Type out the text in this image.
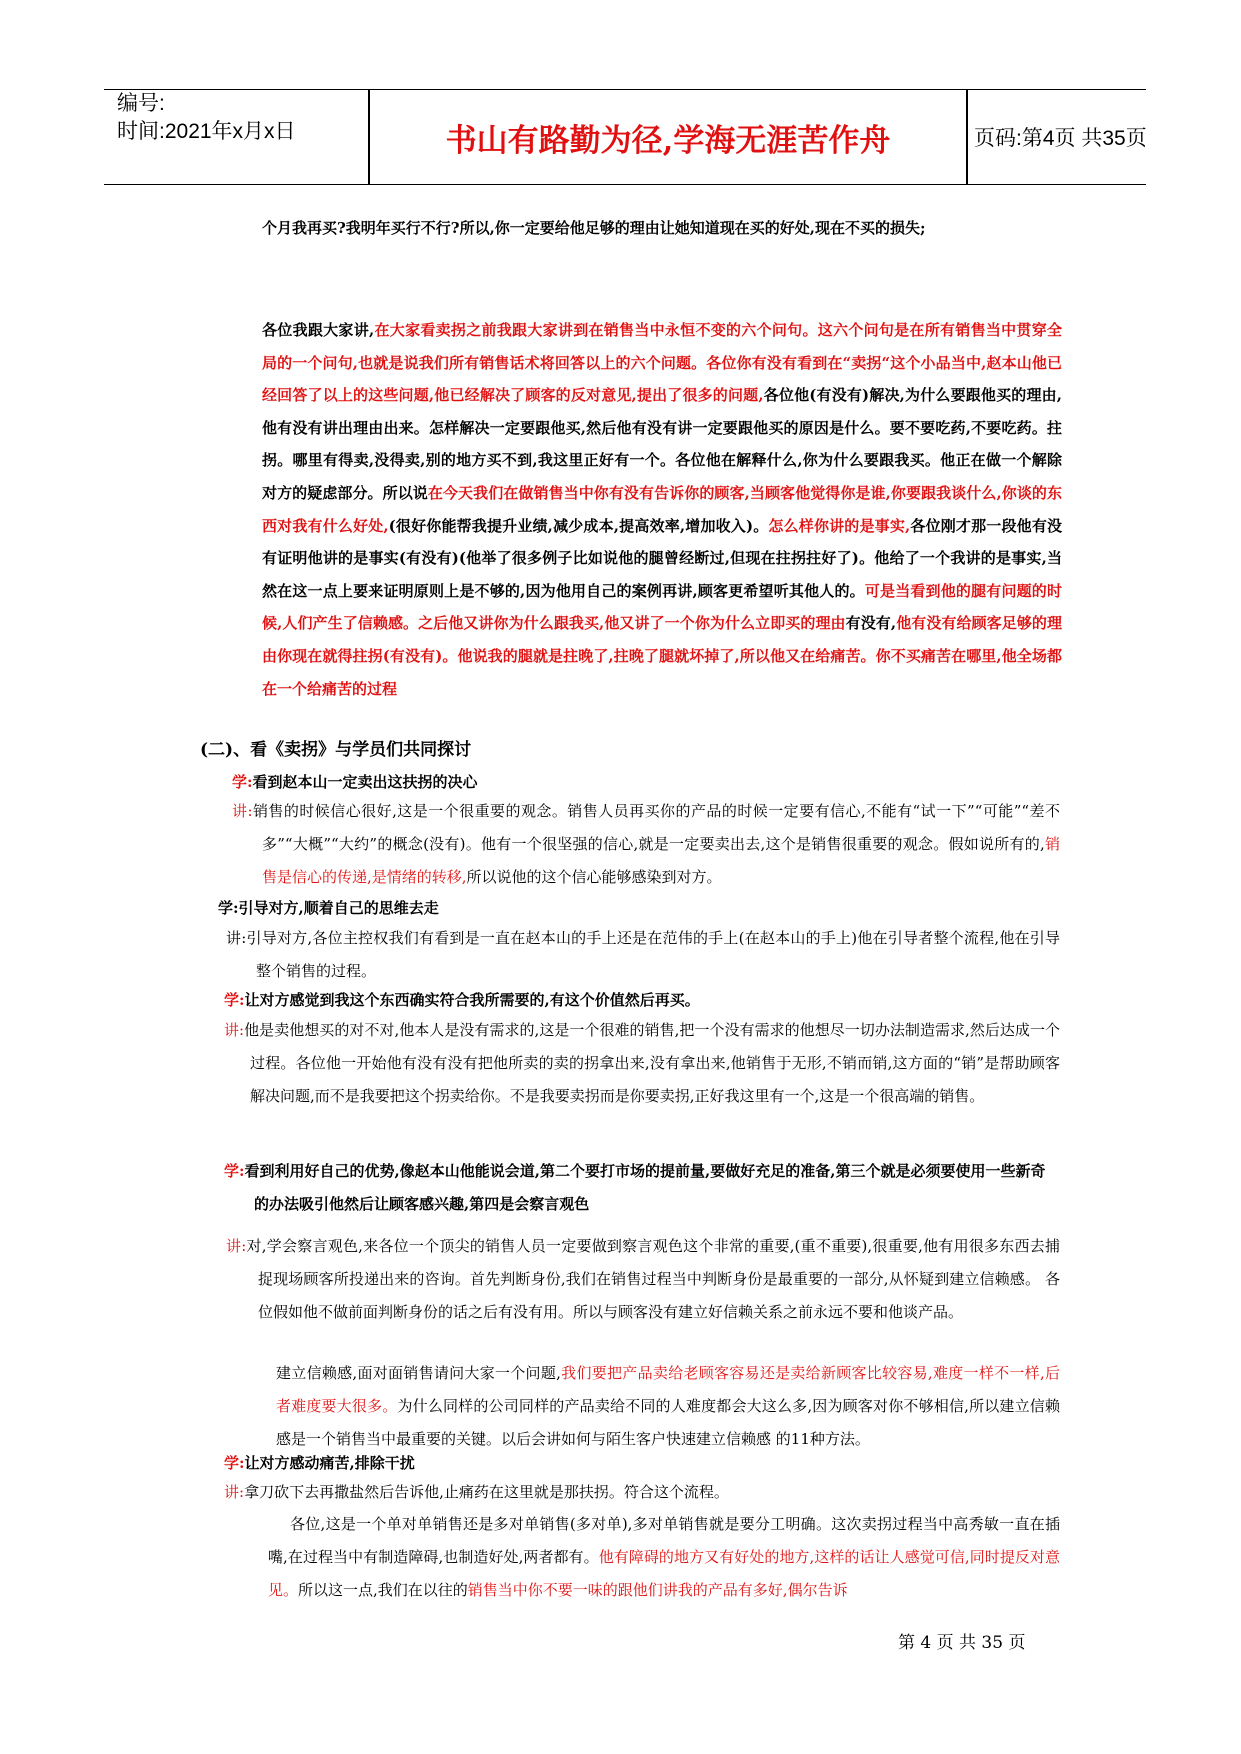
编号:
时间:2021年x月x日	书山有路勤为径,学海无涯苦作舟	页码:第4页 共35页
个月我再买?我明年买行不行?所以,你一定要给他足够的理由让她知道现在买的好处,现在不买的损失;
各位我跟大家讲,在大家看卖拐之前我跟大家讲到在销售当中永恒不变的六个问句。这六个问句是在所有销售当中贯穿全局的一个问句,也就是说我们所有销售话术将回答以上的六个问题。各位你有没有看到在“卖拐“这个小品当中,赵本山他已经回答了以上的这些问题,他已经解决了顾客的反对意见,提出了很多的问题,各位他(有没有)解决,为什么要跟他买的理由,他有没有讲出理由出来。怎样解决一定要跟他买,然后他有没有讲一定要跟他买的原因是什么。要不要吃药,不要吃药。拄拐。哪里有得卖,没得卖,别的地方买不到,我这里正好有一个。各位他在解释什么,你为什么要跟我买。他正在做一个解除对方的疑虑部分。所以说在今天我们在做销售当中你有没有告诉你的顾客,当顾客他觉得你是谁,你要跟我谈什么,你谈的东西对我有什么好处,(很好你能帮我提升业绩,减少成本,提高效率,增加收入)。怎么样你讲的是事实,各位刚才那一段他有没有证明他讲的是事实(有没有)(他举了很多例子比如说他的腿曾经断过,但现在拄拐拄好了)。他给了一个我讲的是事实,当然在这一点上要来证明原则上是不够的,因为他用自己的案例再讲,顾客更希望听其他人的。可是当看到他的腿有问题的时候,人们产生了信赖感。之后他又讲你为什么跟我买,他又讲了一个你为什么立即买的理由有没有,他有没有给顾客足够的理由你现在就得拄拐(有没有)。他说我的腿就是拄晚了,拄晚了腿就坏掉了,所以他又在给痛苦。你不买痛苦在哪里,他全场都在一个给痛苦的过程
(二)、看《卖拐》与学员们共同探讨
学:看到赵本山一定卖出这扶拐的决心
讲:销售的时候信心很好,这是一个很重要的观念。销售人员再买你的产品的时候一定要有信心,不能有“试一下”“可能”“差不多”“大概”“大约”的概念(没有)。他有一个很坚强的信心,就是一定要卖出去,这个是销售很重要的观念。假如说所有的,销售是信心的传递,是情绪的转移,所以说他的这个信心能够感染到对方。
学:引导对方,顺着自己的思维去走
讲:引导对方,各位主控权我们有看到是一直在赵本山的手上还是在范伟的手上(在赵本山的手上)他在引导者整个流程,他在引导整个销售的过程。
学:让对方感觉到我这个东西确实符合我所需要的,有这个价值然后再买。
讲:他是卖他想买的对不对,他本人是没有需求的,这是一个很难的销售,把一个没有需求的他想尽一切办法制造需求,然后达成一个过程。各位他一开始他有没有没有把他所卖的卖的拐拿出来,没有拿出来,他销售于无形,不销而销,这方面的“销”是帮助顾客解决问题,而不是我要把这个拐卖给你。不是我要卖拐而是你要卖拐,正好我这里有一个,这是一个很高端的销售。
学:看到利用好自己的优势,像赵本山他能说会道,第二个要打市场的提前量,要做好充足的准备,第三个就是必须要使用一些新奇的办法吸引他然后让顾客感兴趣,第四是会察言观色
讲:对,学会察言观色,来各位一个顶尖的销售人员一定要做到察言观色这个非常的重要,(重不重要),很重要,他有用很多东西去捕捉现场顾客所投递出来的咨询。首先判断身份,我们在销售过程当中判断身份是最重要的一部分,从怀疑到建立信赖感。 各位假如他不做前面判断身份的话之后有没有用。所以与顾客没有建立好信赖关系之前永远不要和他谈产品。
建立信赖感,面对面销售请问大家一个问题,我们要把产品卖给老顾客容易还是卖给新顾客比较容易,难度一样不一样,后者难度要大很多。为什么同样的公司同样的产品卖给不同的人难度都会大这么多,因为顾客对你不够相信,所以建立信赖感是一个销售当中最重要的关键。以后会讲如何与陌生客户快速建立信赖感 的11种方法。
学:让对方感动痛苦,排除干扰
讲:拿刀砍下去再撒盐然后告诉他,止痛药在这里就是那扶拐。符合这个流程。
各位,这是一个单对单销售还是多对单销售(多对单),多对单销售就是要分工明确。这次卖拐过程当中高秀敏一直在插嘴,在过程当中有制造障碍,也制造好处,两者都有。他有障碍的地方又有好处的地方,这样的话让人感觉可信,同时提反对意见。所以这一点,我们在以往的销售当中你不要一味的跟他们讲我的产品有多好,偶尔告诉
第 4 页 共 35 页
